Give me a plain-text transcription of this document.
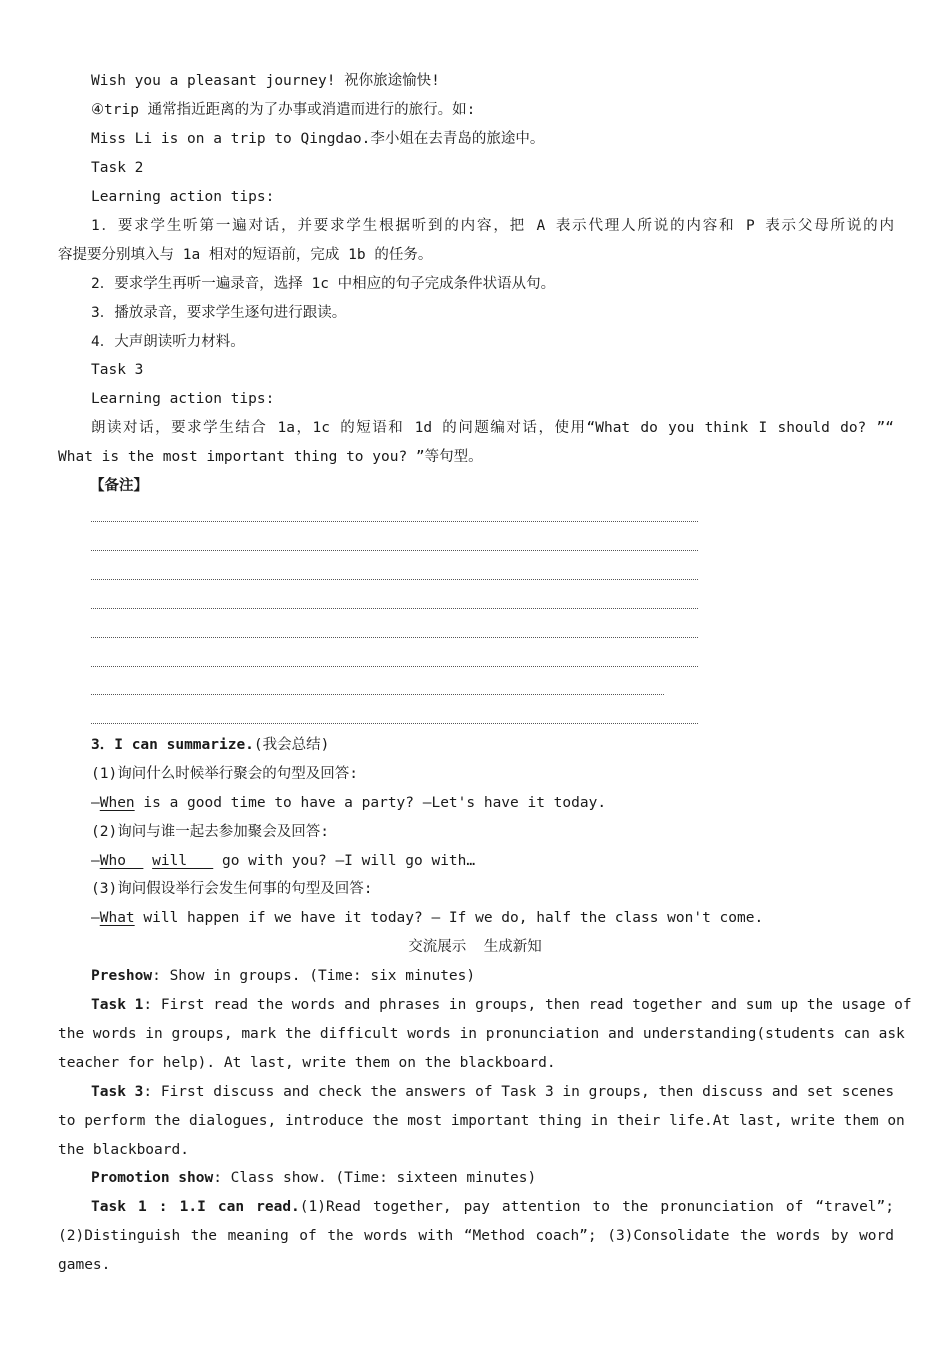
Wish you a pleasant journey! 祝你旅途愉快!
④trip 通常指近距离的为了办事或消遣而进行的旅行。如:
Miss Li is on a trip to Qingdao.李小姐在去青岛的旅途中。
Task 2
Learning action tips:
1．要求学生听第一遍对话，并要求学生根据听到的内容，把 A 表示代理人所说的内容和 P 表示父母所说的内
容提要分别填入与 1a 相对的短语前，完成 1b 的任务。
2．要求学生再听一遍录音，选择 1c 中相应的句子完成条件状语从句。
3．播放录音，要求学生逐句进行跟读。
4．大声朗读听力材料。
Task 3
Learning action tips:
朗读对话，要求学生结合 1a，1c 的短语和 1d 的问题编对话，使用“What do you think I should do? ”“
What is the most important thing to you? ”等句型。
【备注】
3．I can summarize.(我会总结)
(1)询问什么时候举行聚会的句型及回答:
—When is a good time to have a party? —Let's have it today.
(2)询问与谁一起去参加聚会及回答:
—Who   will    go with you? —I will go with…
(3)询问假设举行会发生何事的句型及回答:
—What will happen if we have it today? — If we do, half the class won't come.
交流展示  生成新知
Preshow: Show in groups. (Time: six minutes)
Task 1: First read the words and phrases in groups, then read together and sum up the usage of
the words in groups, mark the difficult words in pronunciation and understanding(students can ask
teacher for help). At last, write them on the blackboard.
Task 3: First discuss and check the answers of Task 3 in groups, then discuss and set scenes
to perform the dialogues, introduce the most important thing in their life.At last, write them on
the blackboard.
Promotion show: Class show. (Time: sixteen minutes)
Task 1 : 1.I can read.(1)Read together, pay attention to the pronunciation of “travel”;
(2)Distinguish the meaning of the words with “Method coach”; (3)Consolidate the words by word
games.
